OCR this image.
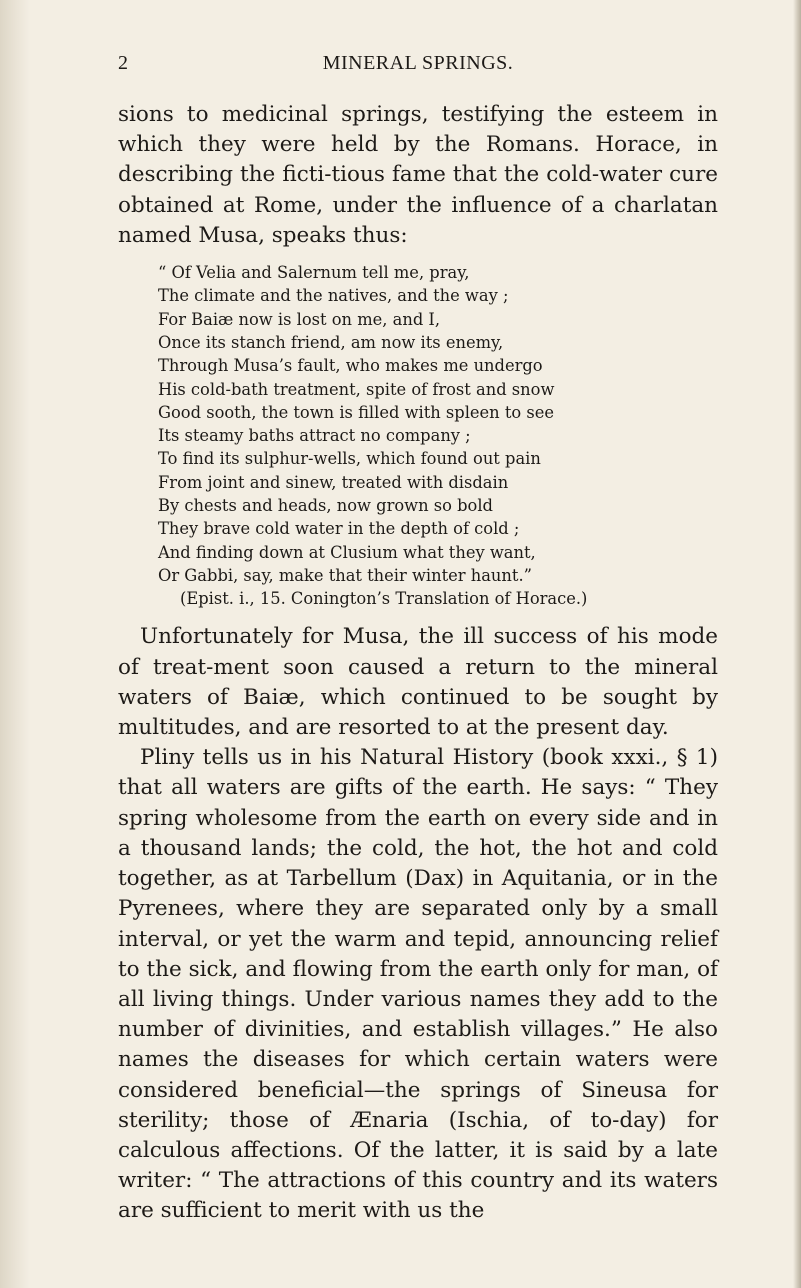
2	MINERAL SPRINGS.

sions to medicinal springs, testifying the esteem in which they were held by the Romans. Horace, in describing the ficti-tious fame that the cold-water cure obtained at Rome, under the influence of a charlatan named Musa, speaks thus:

“ Of Velia and Salernum tell me, pray,
The climate and the natives, and the way ;
For Baiæ now is lost on me, and I,
Once its stanch friend, am now its enemy,
Through Musa’s fault, who makes me undergo
His cold-bath treatment, spite of frost and snow
Good sooth, the town is filled with spleen to see
Its steamy baths attract no company ;
To find its sulphur-wells, which found out pain
From joint and sinew, treated with disdain
By chests and heads, now grown so bold
They brave cold water in the depth of cold ;
And finding down at Clusium what they want,
Or Gabbi, say, make that their winter haunt.”
(Epist. i., 15. Conington’s Translation of Horace.)

Unfortunately for Musa, the ill success of his mode of treat-ment soon caused a return to the mineral waters of Baiæ, which continued to be sought by multitudes, and are resorted to at the present day.

Pliny tells us in his Natural History (book xxxi., § 1) that all waters are gifts of the earth. He says: “ They spring wholesome from the earth on every side and in a thousand lands; the cold, the hot, the hot and cold together, as at Tarbellum (Dax) in Aquitania, or in the Pyrenees, where they are separated only by a small interval, or yet the warm and tepid, announcing relief to the sick, and flowing from the earth only for man, of all living things. Under various names they add to the number of divinities, and establish villages.” He also names the diseases for which certain waters were considered beneficial—the springs of Sineusa for sterility; those of Ænaria (Ischia, of to-day) for calculous affections. Of the latter, it is said by a late writer: “ The attractions of this country and its waters are sufficient to merit with us the
